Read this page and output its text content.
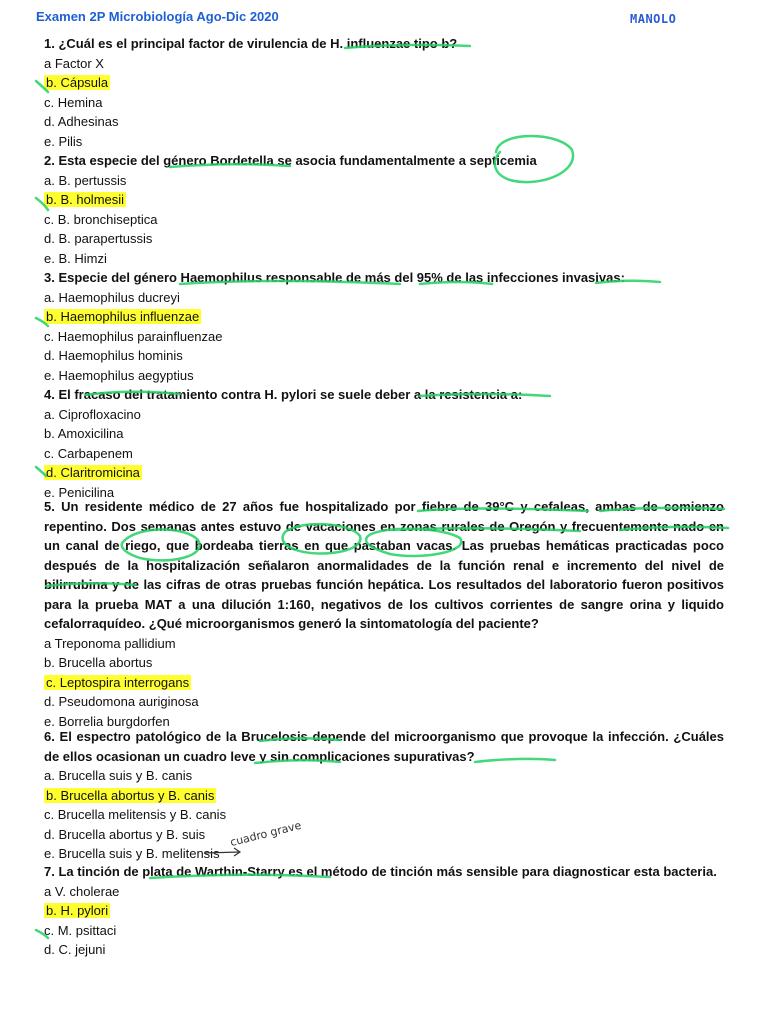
Examen 2P Microbiología Ago-Dic 2020	MANOLO

1. ¿Cuál es el principal factor de virulencia de H. influenzae tipo b?

a Factor X
b. Cápsula
c. Hemina
d. Adhesinas
e. Pilis

2. Esta especie del género Bordetella se asocia fundamentalmente a septicemia

a. B. pertussis
b. B. holmesii
c. B. bronchiseptica
d. B. parapertussis
e. B. Himzi

3. Especie del género Haemophilus responsable de más del 95% de las infecciones invasivas:

a. Haemophilus ducreyi
b. Haemophilus influenzae
c. Haemophilus parainfluenzae
d. Haemophilus hominis
e. Haemophilus aegyptius

4. El fracaso del tratamiento contra H. pylori se suele deber a la resistencia a:

a. Ciprofloxacino
b. Amoxicilina
c. Carbapenem
d. Claritromicina
e. Penicilina

5. Un residente médico de 27 años fue hospitalizado por fiebre de 39°C y cefaleas, ambas de comienzo repentino. Dos semanas antes estuvo de vacaciones en zonas rurales de Oregón y frecuentemente nado en un canal de riego, que bordeaba tierras en que pastaban vacas. Las pruebas hemáticas practicadas poco después de la hospitalización señalaron anormalidades de la función renal e incremento del nivel de bilirrubina y de las cifras de otras pruebas función hepática. Los resultados del laboratorio fueron positivos para la prueba MAT a una dilución 1:160, negativos de los cultivos corrientes de sangre orina y liquido cefalorraquídeo. ¿Qué microorganismos generó la sintomatología del paciente?

a Treponoma pallidium
b. Brucella abortus
c. Leptospira interrogans
d. Pseudomona auriginosa
e. Borrelia burgdorfen

6. El espectro patológico de la Brucelosis depende del microorganismo que provoque la infección. ¿Cuáles de ellos ocasionan un cuadro leve y sin complicaciones supurativas?

a. Brucella suis y B. canis
b. Brucella abortus y B. canis
c. Brucella melitensis y B. canis
d. Brucella abortus y B. suis
e. Brucella suis y B. melitensis

7. La tinción de plata de Warthin-Starry es el método de tinción más sensible para diagnosticar esta bacteria.

a V. cholerae
b. H. pylori
c. M. psittaci
d. C. jejuni
cuadro grave
